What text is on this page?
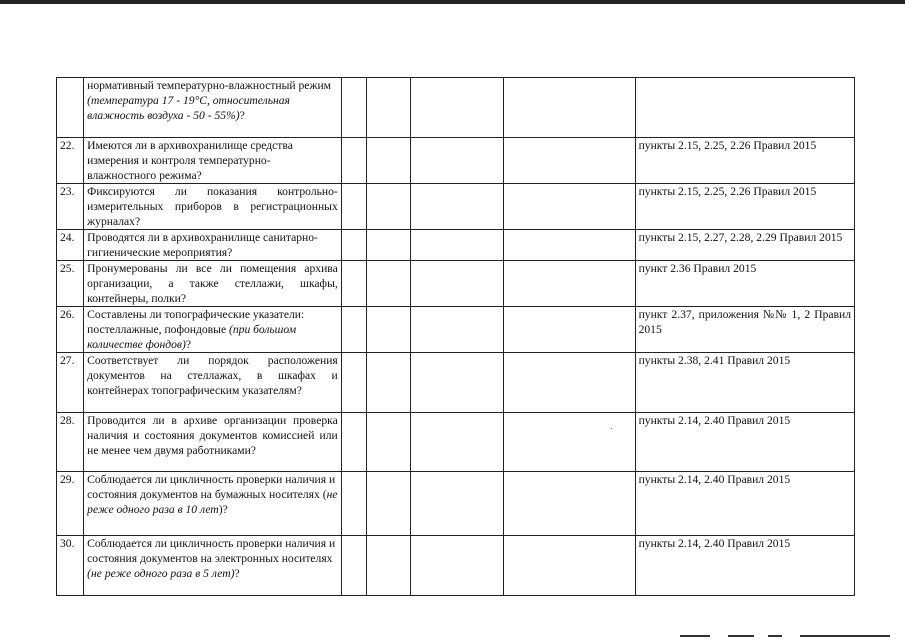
	нормативный температурно-влажностный режим (температура 17 - 19°С, относительная влажность воздуха - 50 - 55%)?					
22.	Имеются ли в архивохранилище средства измерения и контроля температурно-влажностного режима?					пункты 2.15, 2.25, 2.26 Правил 2015
23.	Фиксируются ли показания контрольно-измерительных приборов в регистрационных журналах?					пункты 2.15, 2.25, 2.26 Правил 2015
24.	Проводятся ли в архивохранилище санитарно-гигиенические мероприятия?					пункты 2.15, 2.27, 2.28, 2.29 Правил 2015
25.	Пронумерованы ли все ли помещения архива организации, а также стеллажи, шкафы, контейнеры, полки?					пункт 2.36 Правил 2015
26.	Составлены ли топографические указатели: постеллажные, пофондовые (при большом количестве фондов)?					пункт 2.37, приложения №№ 1, 2 Правил 2015
27.	Соответствует ли порядок расположения документов на стеллажах, в шкафах и контейнерах топографическим указателям?					пункты 2.38, 2.41 Правил 2015
28.	Проводится ли в архиве организации проверка наличия и состояния документов комиссией или не менее чем двумя работниками?					пункты 2.14, 2.40 Правил 2015
29.	Соблюдается ли цикличность проверки наличия и состояния документов на бумажных носителях (не реже одного раза в 10 лет)?					пункты 2.14, 2.40 Правил 2015
30.	Соблюдается ли цикличность проверки наличия и состояния документов на электронных носителях (не реже одного раза в 5 лет)?					пункты 2.14, 2.40 Правил 2015
